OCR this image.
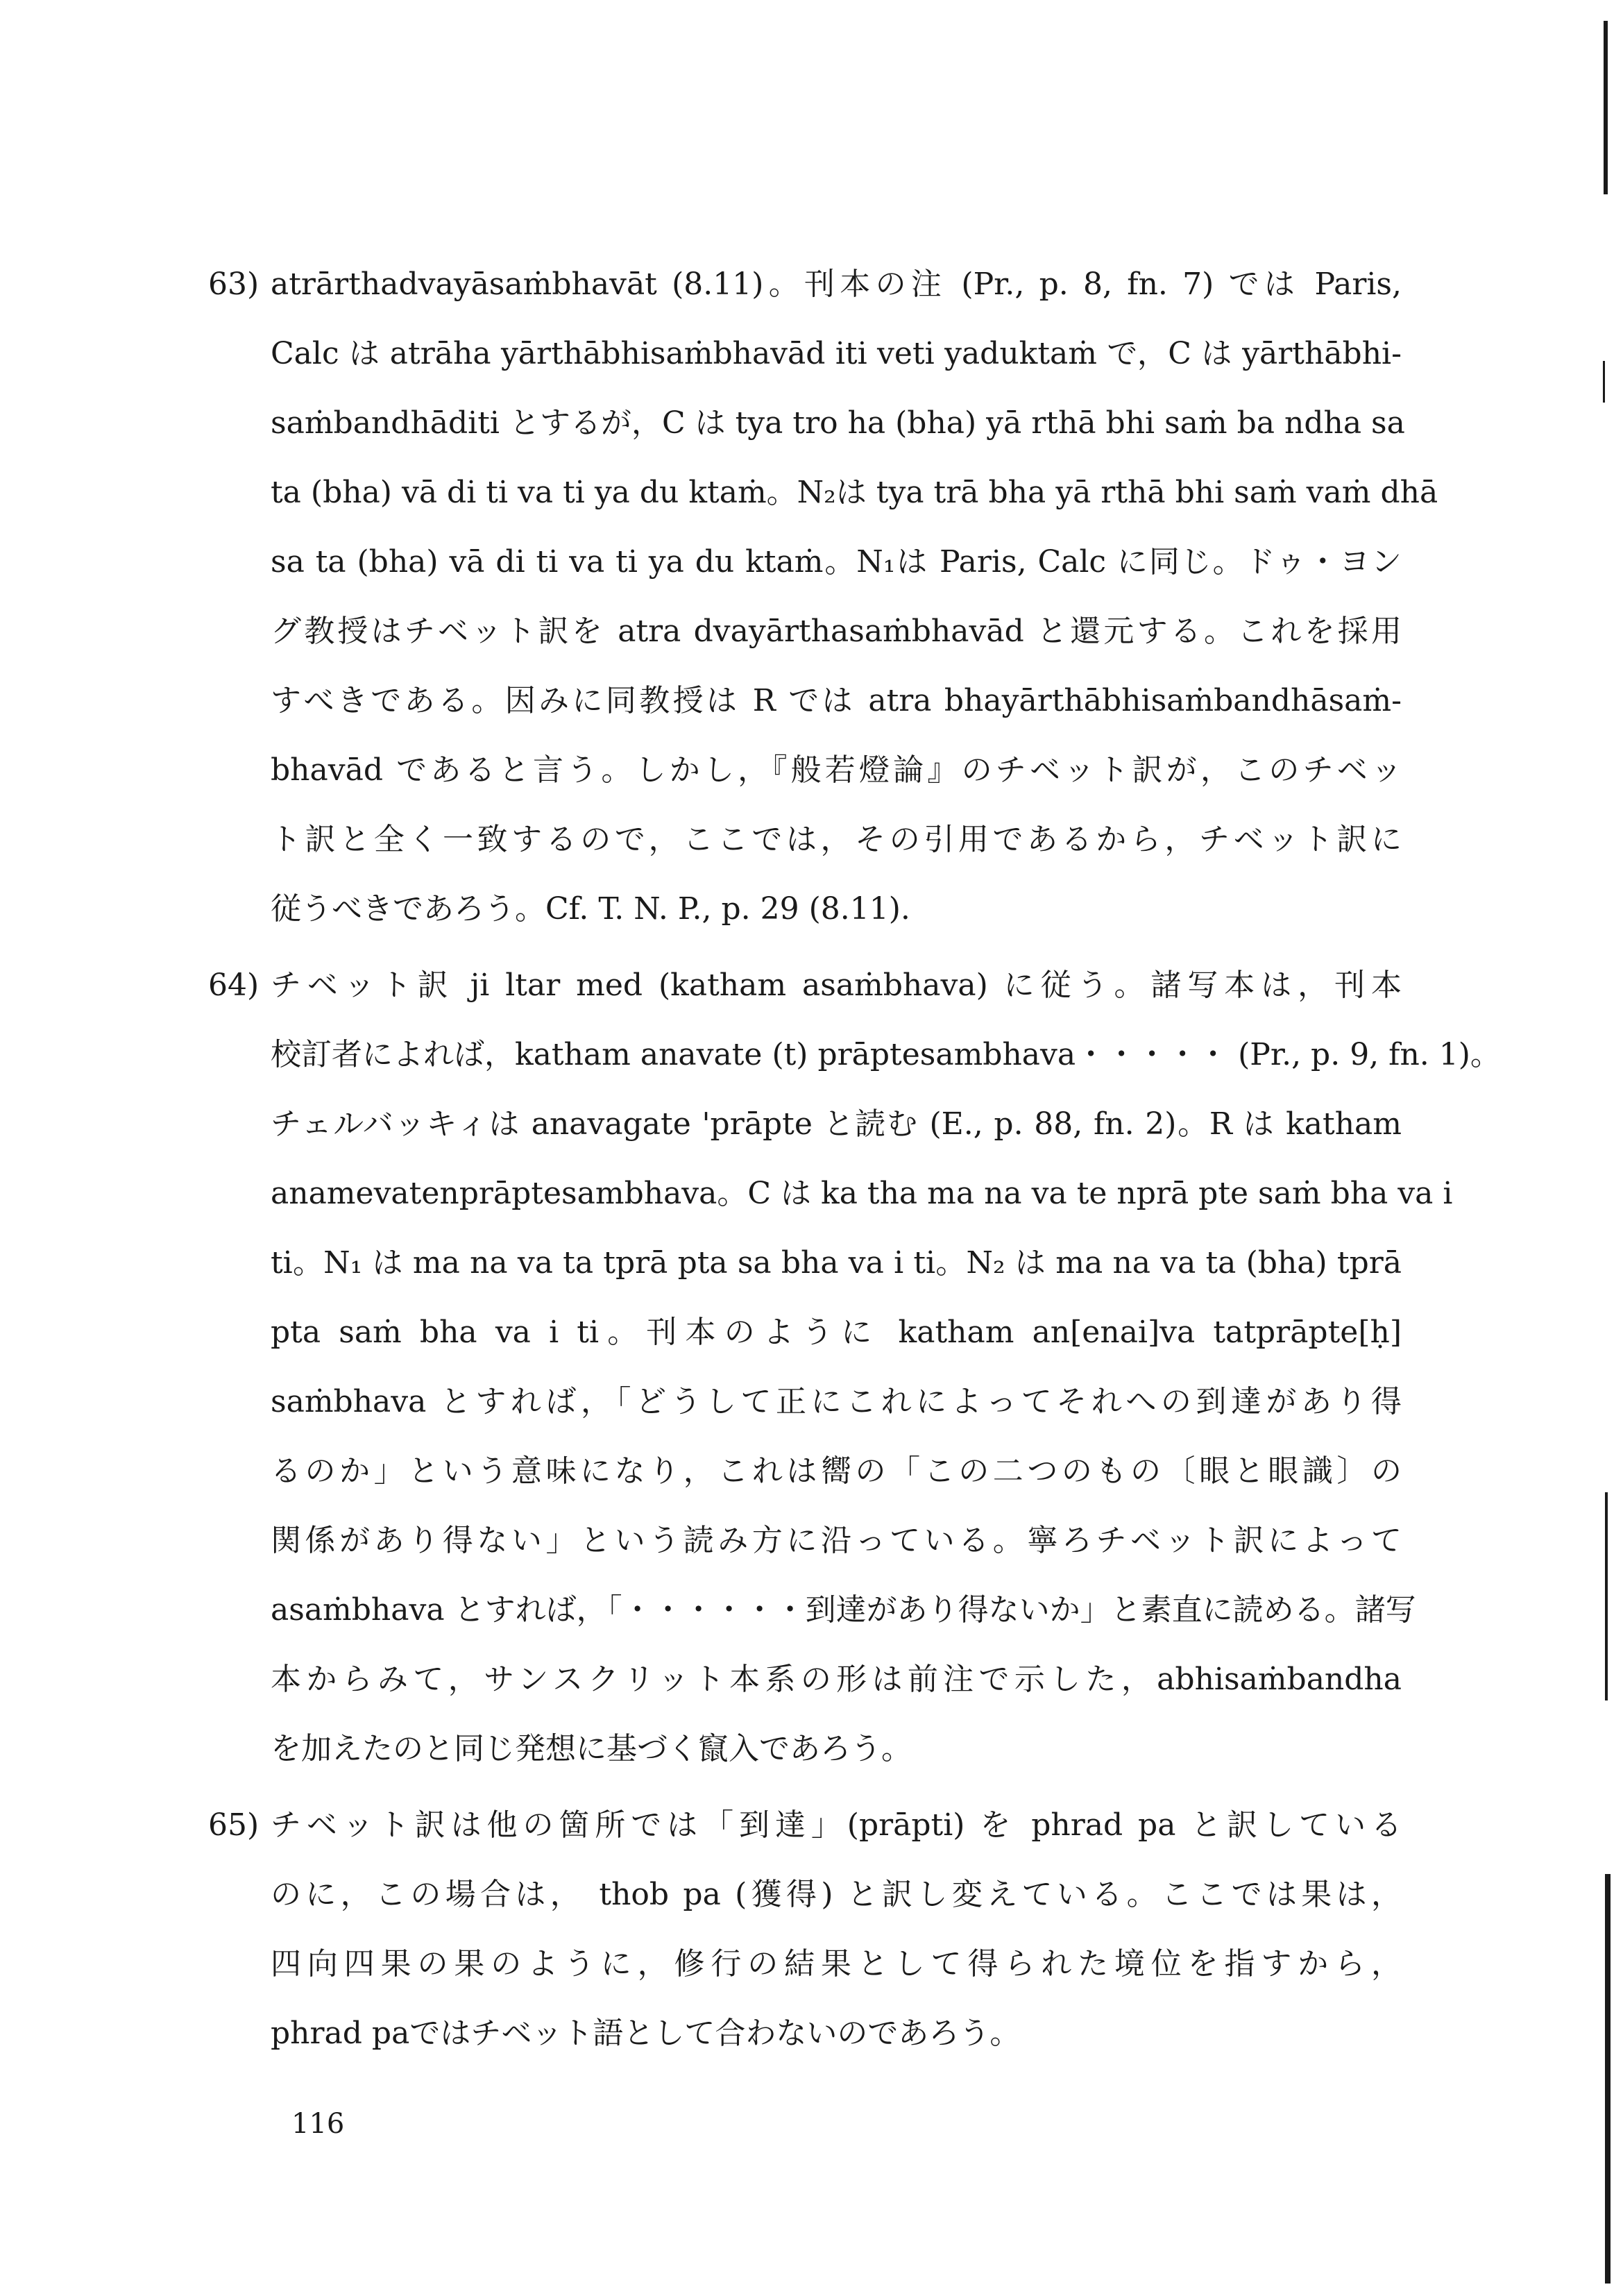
63) atrārthadvayāsaṁbhavāt (8.11)。刊本の注 (Pr., p. 8, fn. 7) では Paris,
Calc は atrāha yārthābhisaṁbhavād iti veti yaduktaṁ で，C は yārthābhi-
saṁbandhāditi とするが，C は tya tro ha (bha) yā rthā bhi saṁ ba ndha sa
ta (bha) vā di ti va ti ya du ktaṁ。N₂は tya trā bha yā rthā bhi saṁ vaṁ dhā
sa ta (bha) vā di ti va ti ya du ktaṁ。N₁は Paris, Calc に同じ。ドゥ・ヨン
グ教授はチベット訳を atra dvayārthasaṁbhavād と還元する。これを採用
すべきである。因みに同教授は R では atra bhayārthābhisaṁbandhāsaṁ-
bhavād であると言う。しかし，『般若燈論』のチベット訳が，このチベッ
ト訳と全く一致するので，ここでは，その引用であるから，チベット訳に
従うべきであろう。Cf. T. N. P., p. 29 (8.11).
64) チベット訳 ji ltar med (katham asaṁbhava) に従う。諸写本は，刊本
校訂者によれば，katham anavate (t) prāptesambhava・・・・・ (Pr., p. 9, fn. 1)。
チェルバッキィは anavagate 'prāpte と読む (E., p. 88, fn. 2)。R は katham
anamevatenprāptesambhava。C は ka tha ma na va te nprā pte saṁ bha va i
ti。N₁ は ma na va ta tprā pta sa bha va i ti。N₂ は ma na va ta (bha) tprā
pta saṁ bha va i ti。刊本のように katham an[enai]va tatprāpte[ḥ]
saṁbhava とすれば，「どうして正にこれによってそれへの到達があり得
るのか」という意味になり，これは嚮の「この二つのもの〔眼と眼識〕の
関係があり得ない」という読み方に沿っている。寧ろチベット訳によって
asaṁbhava とすれば，「・・・・・・到達があり得ないか」と素直に読める。諸写
本からみて，サンスクリット本系の形は前注で示した，abhisaṁbandha
を加えたのと同じ発想に基づく竄入であろう。
65) チベット訳は他の箇所では「到達」(prāpti) を phrad pa と訳している
のに，この場合は， thob pa (獲得) と訳し変えている。ここでは果は，
四向四果の果のように，修行の結果として得られた境位を指すから，
phrad paではチベット語として合わないのであろう。
116
